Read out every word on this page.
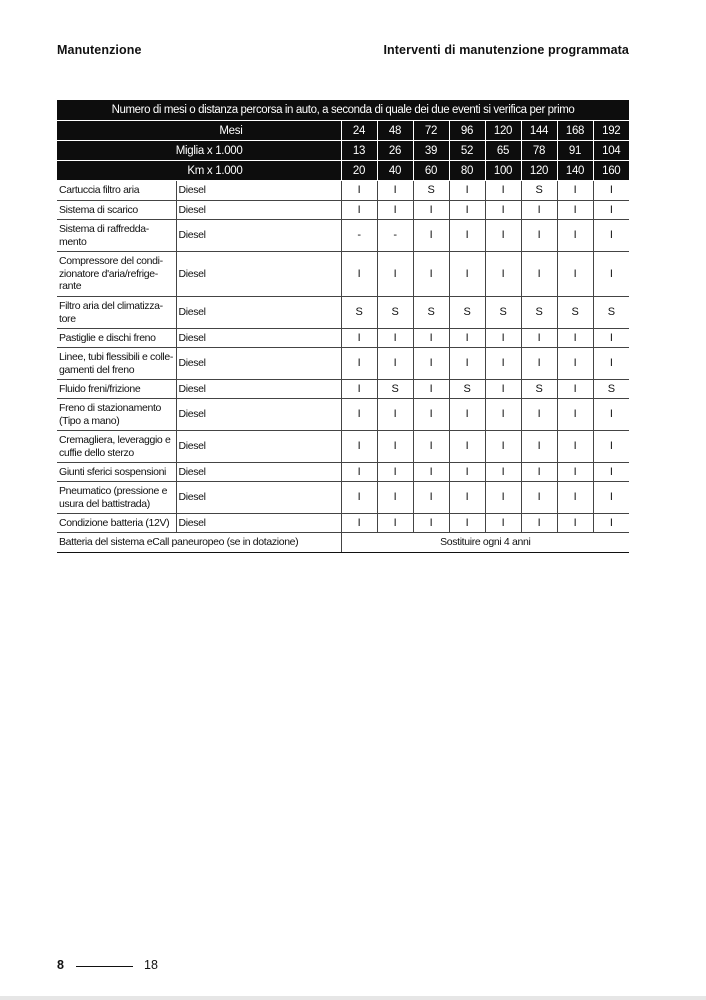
Manutenzione	Interventi di manutenzione programmata
Numero di mesi o distanza percorsa in auto, a seconda di quale dei due eventi si verifica per primo									
Mesi		24	48	72	96	120	144	168	192
Miglia x 1.000		13	26	39	52	65	78	91	104
Km x 1.000		20	40	60	80	100	120	140	160
Cartuccia filtro aria	Diesel	I	I	S	I	I	S	I	I
Sistema di scarico	Diesel	I	I	I	I	I	I	I	I
Sistema di raffredda-
mento	Diesel	-	-	I	I	I	I	I	I
Compressore del condi-
zionatore d'aria/refrige-
rante	Diesel	I	I	I	I	I	I	I	I
Filtro aria del climatizza-
tore	Diesel	S	S	S	S	S	S	S	S
Pastiglie e dischi freno	Diesel	I	I	I	I	I	I	I	I
Linee, tubi flessibili e colle-
gamenti del freno	Diesel	I	I	I	I	I	I	I	I
Fluido freni/frizione	Diesel	I	S	I	S	I	S	I	S
Freno di stazionamento
(Tipo a mano)	Diesel	I	I	I	I	I	I	I	I
Cremagliera, leveraggio e
cuffie dello sterzo	Diesel	I	I	I	I	I	I	I	I
Giunti sferici sospensioni	Diesel	I	I	I	I	I	I	I	I
Pneumatico (pressione e
usura del battistrada)	Diesel	I	I	I	I	I	I	I	I
Condizione batteria (12V)	Diesel	I	I	I	I	I	I	I	I
Batteria del sistema eCall paneuropeo (se in dotazione)		Sostituire ogni 4 anni							
8	18
